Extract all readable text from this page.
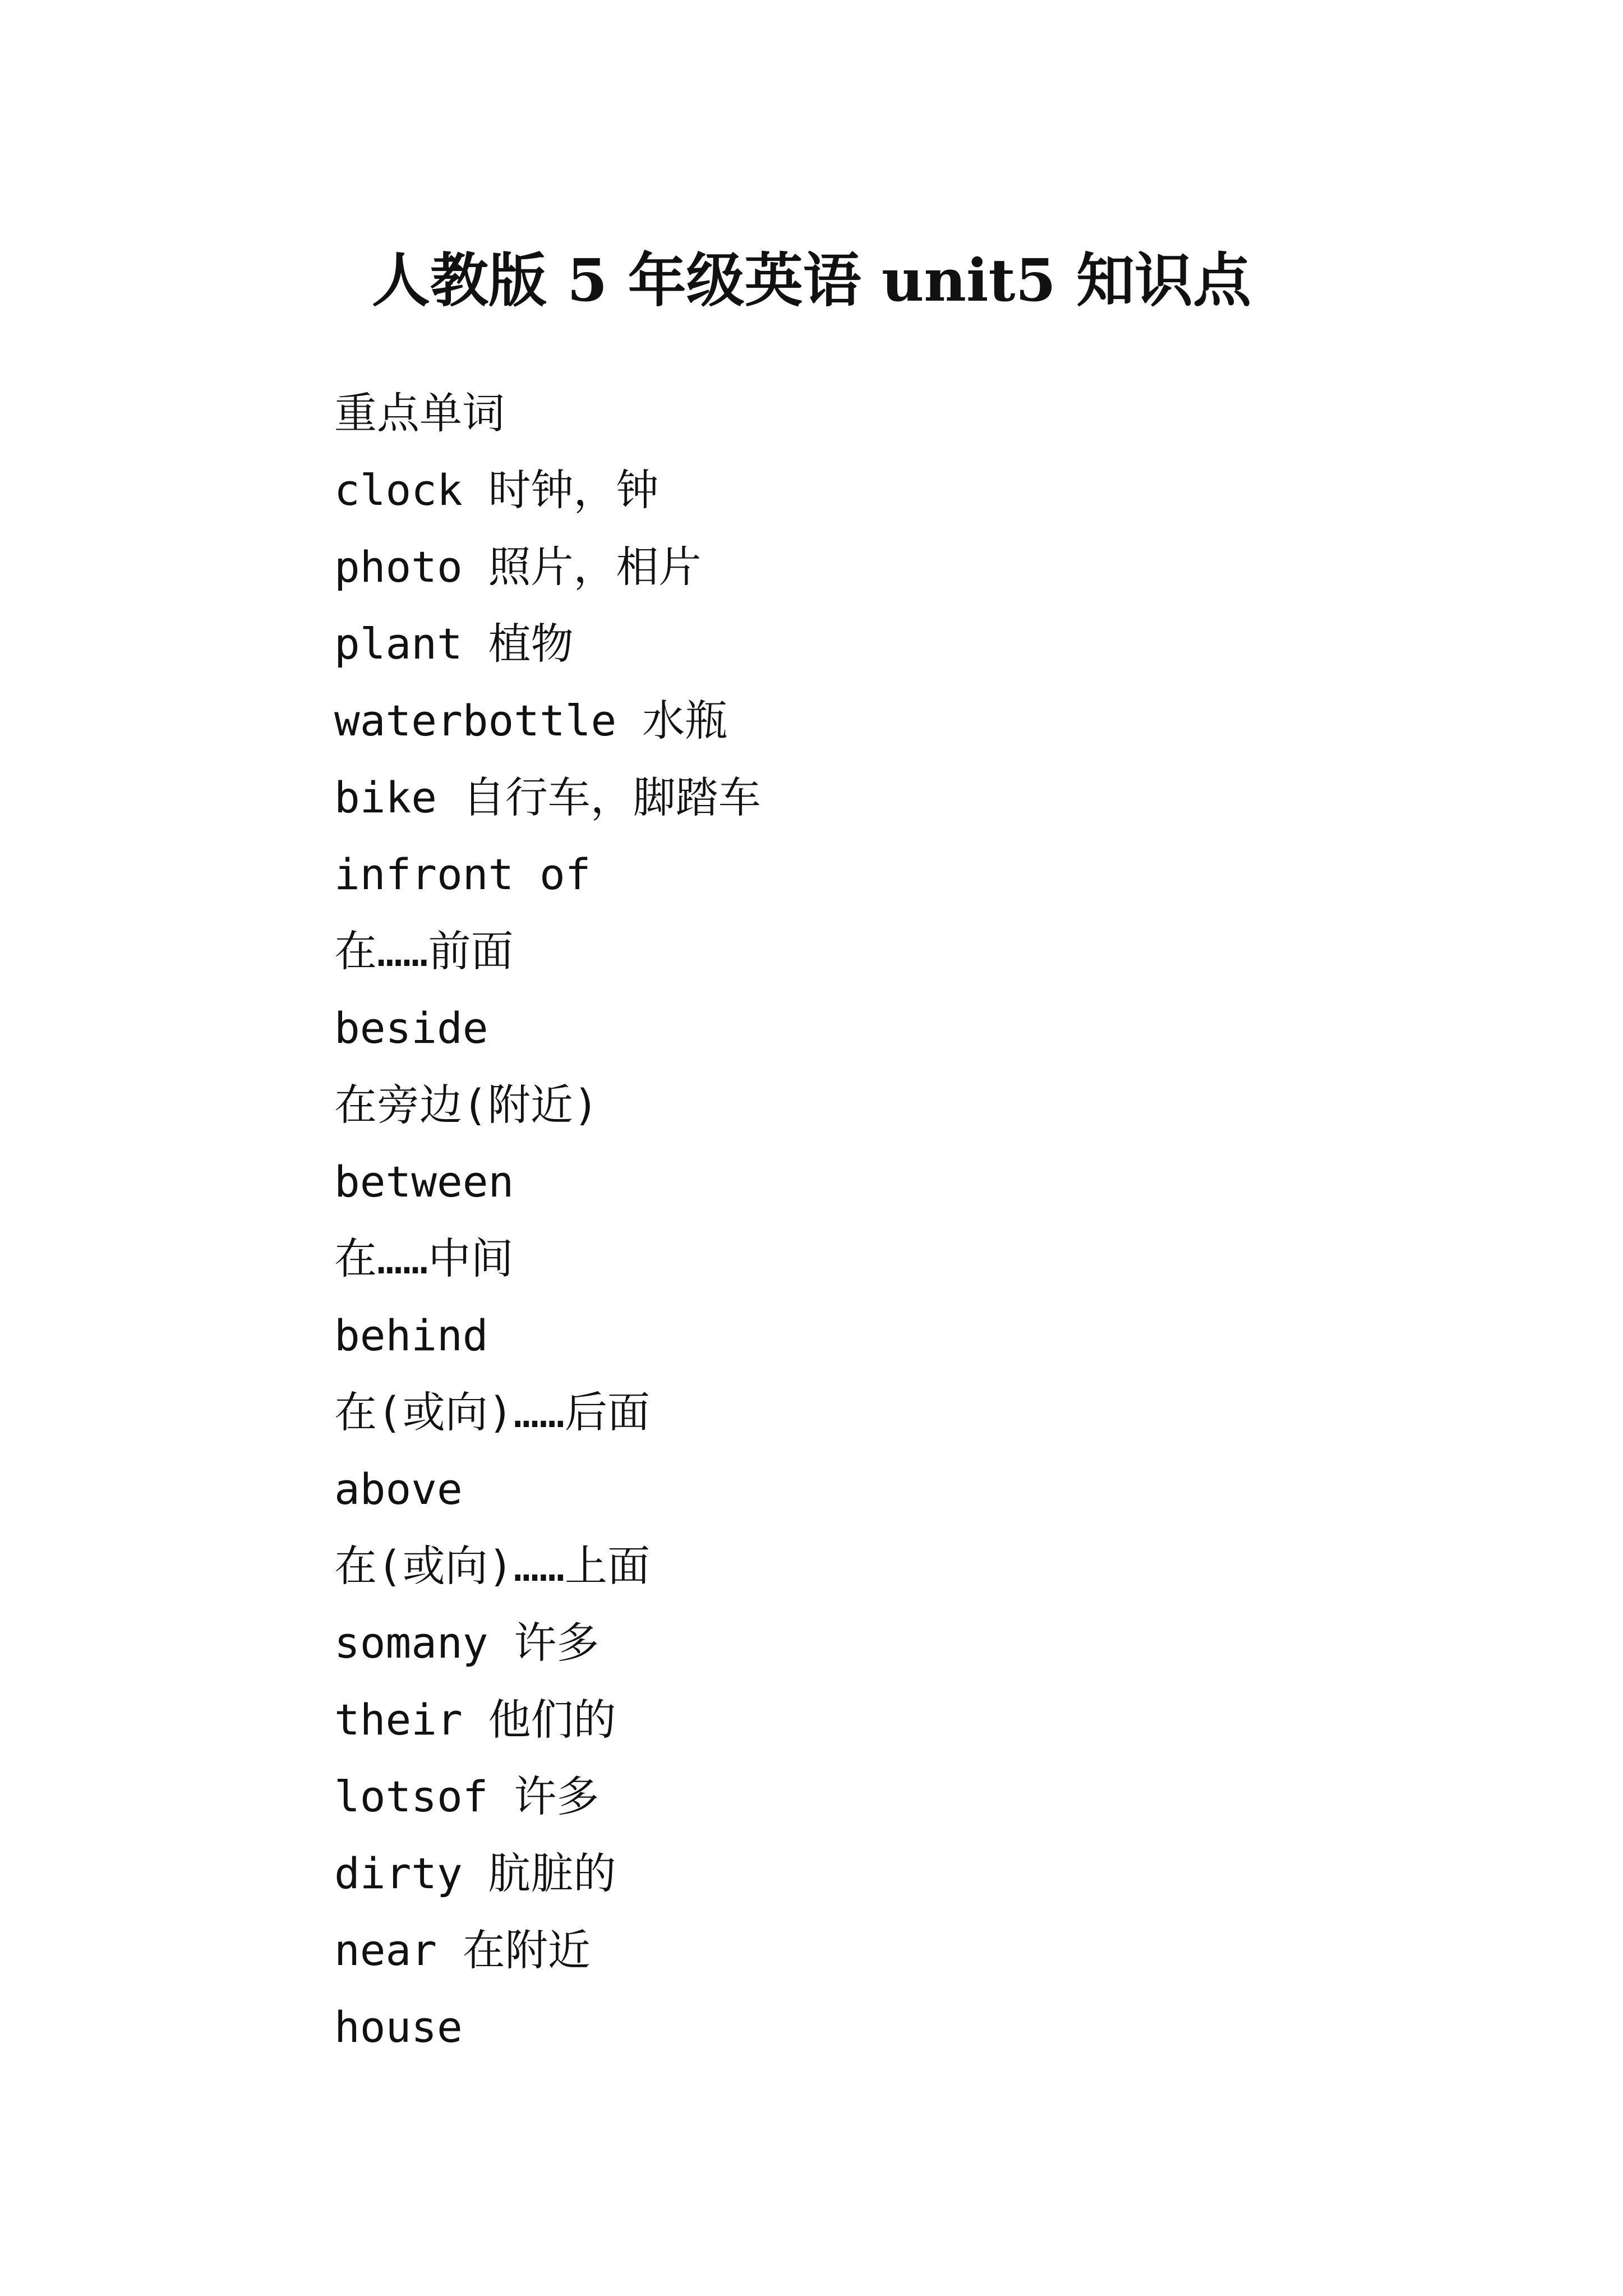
人教版 5 年级英语 unit5 知识点
重点单词
clock 时钟，钟
photo 照片，相片
plant 植物
waterbottle 水瓶
bike 自行车，脚踏车
infront of
在……前面
beside
在旁边(附近)
between
在……中间
behind
在(或向)……后面
above
在(或向)……上面
somany 许多
their 他们的
lotsof 许多
dirty 肮脏的
near 在附近
house
